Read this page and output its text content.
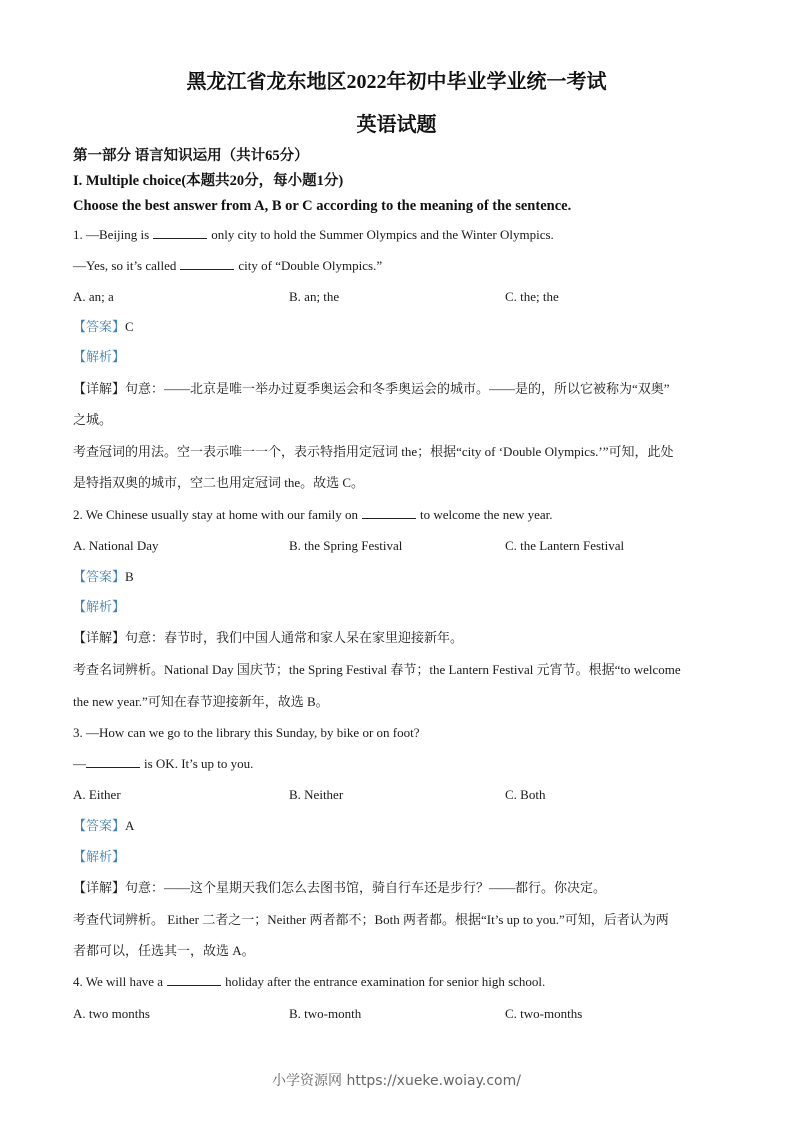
黑龙江省龙东地区2022年初中毕业学业统一考试
英语试题
第一部分 语言知识运用（共计65分）
I. Multiple choice(本题共20分，每小题1分)
Choose the best answer from A, B or C according to the meaning of the sentence.
1. —Beijing is	only city to hold the Summer Olympics and the Winter Olympics.
—Yes, so it’s called	city of “Double Olympics.”
A. an; a	B. an; the	C. the; the
【答案】C
【解析】
【详解】句意：——北京是唯一举办过夏季奥运会和冬季奥运会的城市。——是的，所以它被称为“双奥”
之城。
考查冠词的用法。空一表示唯一一个，表示特指用定冠词 the；根据“city of ‘Double Olympics.’”可知，此处
是特指双奥的城市，空二也用定冠词 the。故选 C。
2. We Chinese usually stay at home with our family on	to welcome the new year.
A. National Day	B. the Spring Festival	C. the Lantern Festival
【答案】B
【解析】
【详解】句意：春节时，我们中国人通常和家人呆在家里迎接新年。
考查名词辨析。National Day 国庆节；the Spring Festival 春节；the Lantern Festival 元宵节。根据“to welcome
the new year.”可知在春节迎接新年，故选 B。
3. —How can we go to the library this Sunday, by bike or on foot?
—	is OK. It’s up to you.
A. Either	B. Neither	C. Both
【答案】A
【解析】
【详解】句意：——这个星期天我们怎么去图书馆，骑自行车还是步行？——都行。你决定。
考查代词辨析。 Either 二者之一；Neither 两者都不；Both 两者都。根据“It’s up to you.”可知，后者认为两
者都可以，任选其一，故选 A。
4. We will have a	holiday after the entrance examination for senior high school.
A. two months	B. two-month	C. two-months
小学资源网 https://xueke.woiay.com/
